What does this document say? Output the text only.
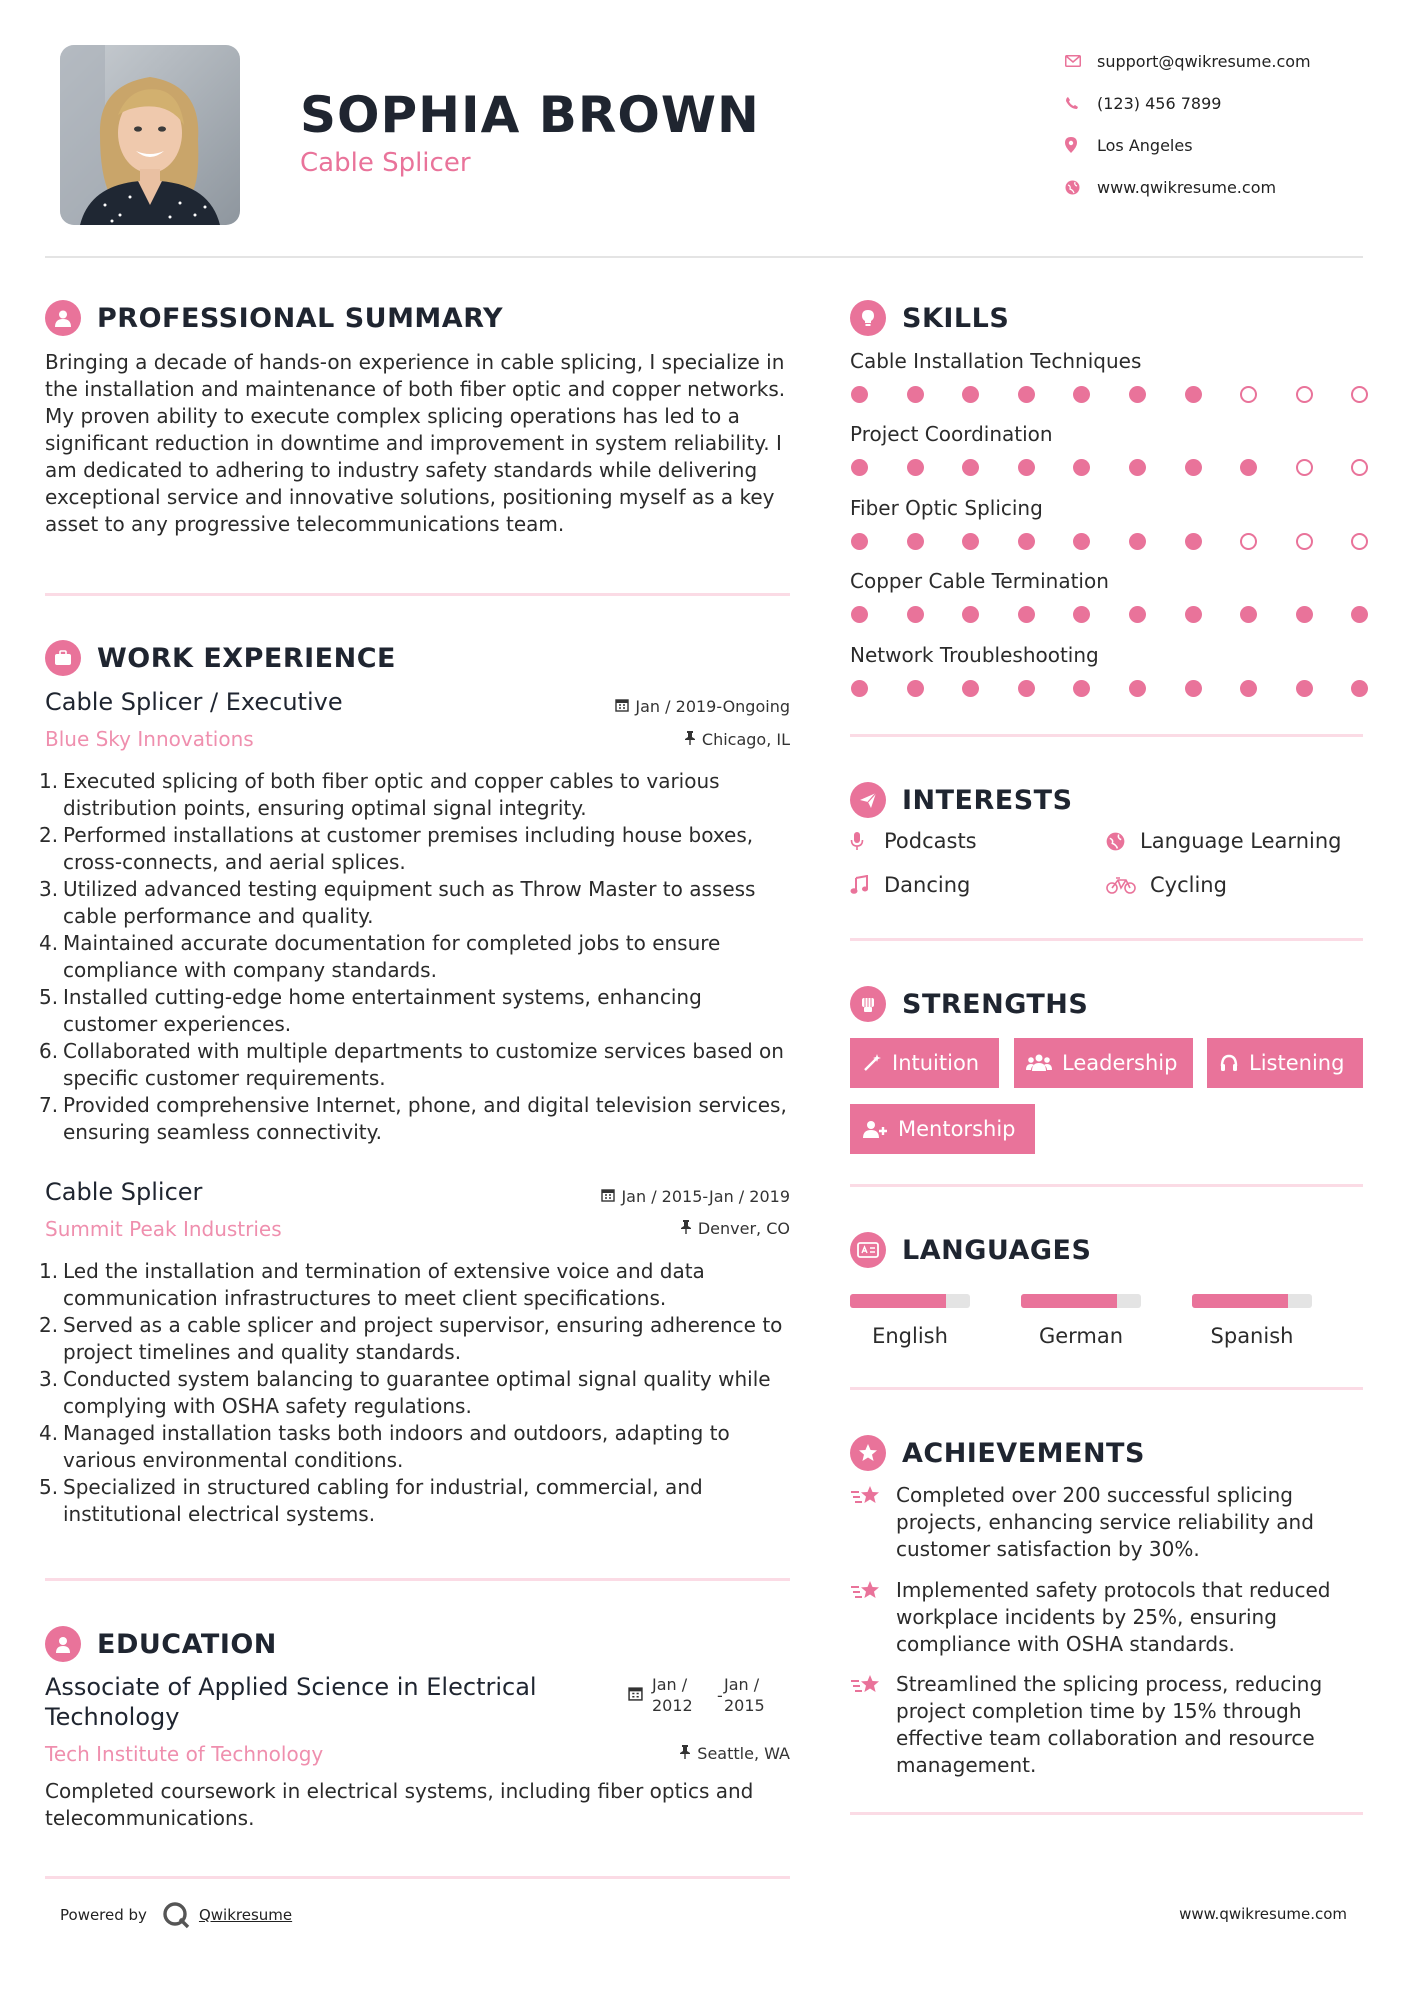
SOPHIA BROWN
Cable Splicer
support@qwikresume.com
(123) 456 7899
Los Angeles
www.qwikresume.com
PROFESSIONAL SUMMARY
Bringing a decade of hands-on experience in cable splicing, I specialize in the installation and maintenance of both fiber optic and copper networks. My proven ability to execute complex splicing operations has led to a significant reduction in downtime and improvement in system reliability. I am dedicated to adhering to industry safety standards while delivering exceptional service and innovative solutions, positioning myself as a key asset to any progressive telecommunications team.
WORK EXPERIENCE
Cable Splicer / Executive	Jan / 2019-Ongoing
Blue Sky Innovations	Chicago, IL
1. Executed splicing of both fiber optic and copper cables to various distribution points, ensuring optimal signal integrity.
2. Performed installations at customer premises including house boxes, cross-connects, and aerial splices.
3. Utilized advanced testing equipment such as Throw Master to assess cable performance and quality.
4. Maintained accurate documentation for completed jobs to ensure compliance with company standards.
5. Installed cutting-edge home entertainment systems, enhancing customer experiences.
6. Collaborated with multiple departments to customize services based on specific customer requirements.
7. Provided comprehensive Internet, phone, and digital television services, ensuring seamless connectivity.
Cable Splicer	Jan / 2015-Jan / 2019
Summit Peak Industries	Denver, CO
1. Led the installation and termination of extensive voice and data communication infrastructures to meet client specifications.
2. Served as a cable splicer and project supervisor, ensuring adherence to project timelines and quality standards.
3. Conducted system balancing to guarantee optimal signal quality while complying with OSHA safety regulations.
4. Managed installation tasks both indoors and outdoors, adapting to various environmental conditions.
5. Specialized in structured cabling for industrial, commercial, and institutional electrical systems.
EDUCATION
Associate of Applied Science in Electrical Technology
Jan / 2012
-
Jan / 2015
Tech Institute of Technology	Seattle, WA
Completed coursework in electrical systems, including fiber optics and telecommunications.
SKILLS
Cable Installation Techniques
Project Coordination
Fiber Optic Splicing
Copper Cable Termination
Network Troubleshooting
INTERESTS
Podcasts	Language Learning
Dancing	Cycling
STRENGTHS
Intuition	Leadership	Listening
Mentorship
LANGUAGES
English	German	Spanish
ACHIEVEMENTS
Completed over 200 successful splicing projects, enhancing service reliability and customer satisfaction by 30%.
Implemented safety protocols that reduced workplace incidents by 25%, ensuring compliance with OSHA standards.
Streamlined the splicing process, reducing project completion time by 15% through effective team collaboration and resource management.
Powered by	Qwikresume	www.qwikresume.com
